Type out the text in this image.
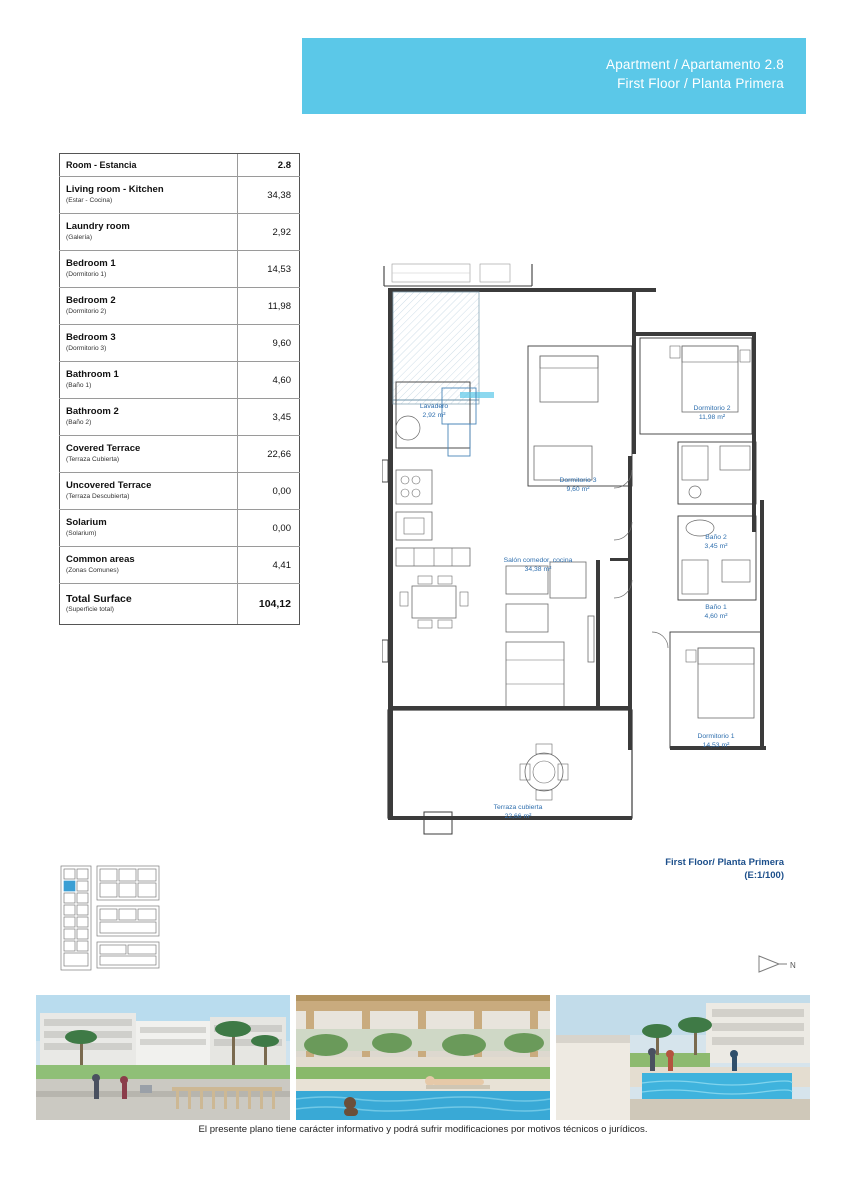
Apartment / Apartamento 2.8
First Floor / Planta Primera
Room - Estancia	2.8

Living room - Kitchen
(Estar - Cocina)	34,38

Laundry room
(Galería)	2,92

Bedroom 1
(Dormitorio 1)	14,53

Bedroom 2
(Dormitorio 2)	11,98

Bedroom 3
(Dormitorio 3)	9,60

Bathroom 1
(Baño 1)	4,60

Bathroom 2
(Baño 2)	3,45

Covered Terrace
(Terraza Cubierta)	22,66

Uncovered Terrace
(Terraza Descubierta)	0,00

Solarium
(Solarium)	0,00

Common areas
(Zonas Comunes)	4,41

Total Surface
(Superficie total)	104,12
Lavadero
2,92 m²
Dormitorio 3
9,60 m²
Dormitorio 2
11,98 m²
Baño 2
3,45 m²
Baño 1
4,60 m²
Dormitorio 1
14,53 m²
Salón comedor, cocina
34,38 m²
Terraza cubierta
22,66 m²
First Floor/ Planta Primera
(E:1/100)
N
El presente plano tiene carácter informativo y podrá sufrir modificaciones por motivos técnicos o jurídicos.
